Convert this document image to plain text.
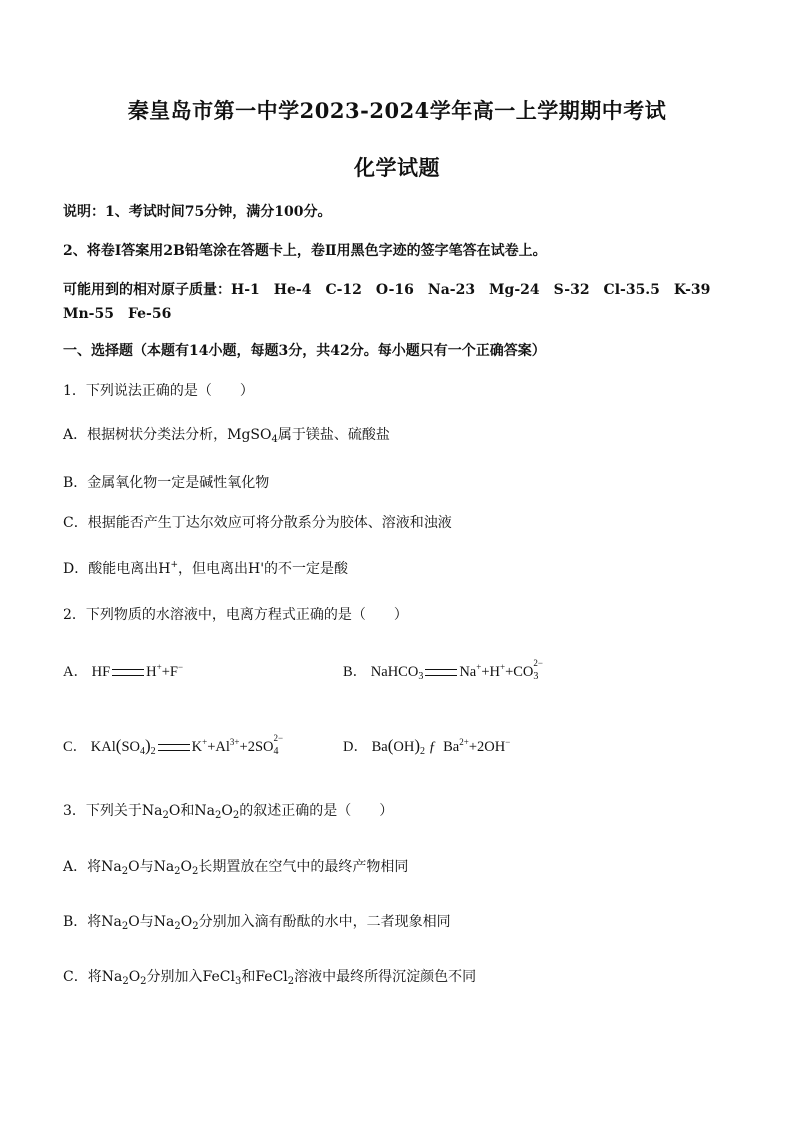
秦皇岛市第一中学2023-2024学年高一上学期期中考试
化学试题
说明：1、考试时间75分钟，满分100分。
2、将卷Ⅰ答案用2B铅笔涂在答题卡上，卷Ⅱ用黑色字迹的签字笔答在试卷上。
可能用到的相对原子质量：H-1　He-4　C-12　O-16　Na-23　Mg-24　S-32　Cl-35.5　K-39
Mn-55　Fe-56
一、选择题（本题有14小题，每题3分，共42分。每小题只有一个正确答案）
1．下列说法正确的是（　　）
A．根据树状分类法分析，MgSO$_4$属于镁盐、硫酸盐
B．金属氧化物一定是碱性氧化物
C．根据能否产生丁达尔效应可将分散系分为胶体、溶液和浊液
D．酸能电离出H+，但电离出H'的不一定是酸
2．下列物质的水溶液中，电离方程式正确的是（　　）
A． HF H++F−	B． NaHCO$_3$ Na++H++CO
2−
3
C． $KAl(SO_4)_2$ $K^++Al^{3+}+2SO$
2−
4	D． $Ba(OH)_2$ ƒ $Ba^{2+}+2OH^-$
3．下列关于$Na_2O$和$Na_2O_2$的叙述正确的是（　　）
A．将$Na_2O$与$Na_2O_2$长期置放在空气中的最终产物相同
B．将$Na_2O$与$Na_2O_2$分别加入滴有酚酞的水中，二者现象相同
C．将$Na_2O_2$分别加入FeCl$_3$和FeCl$_2$溶液中最终所得沉淀颜色不同
